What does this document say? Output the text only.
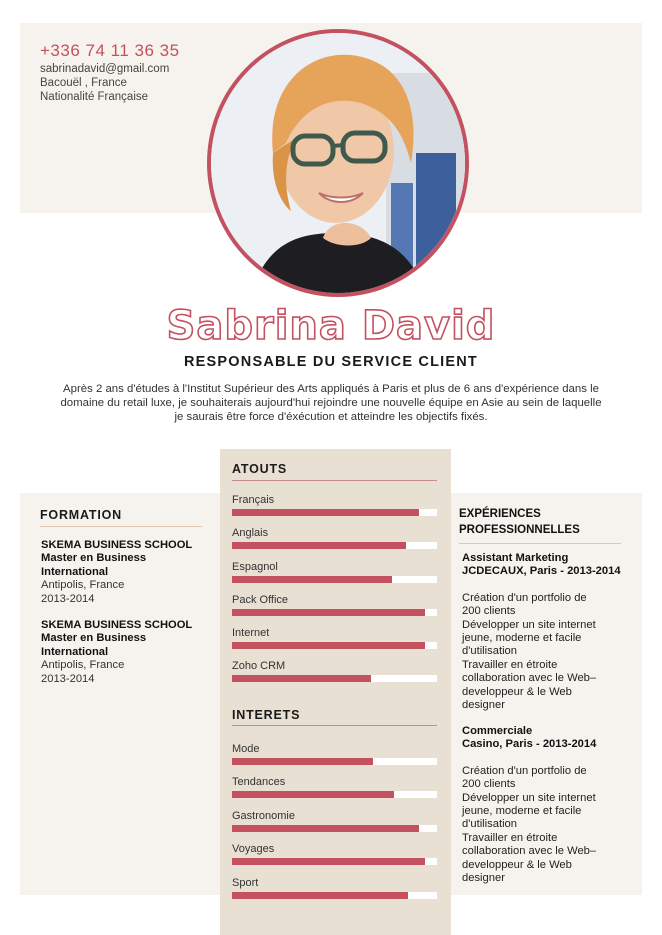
+336 74 11 36 35
sabrinadavid@gmail.com
Bacouël , France
Nationalité Française
Sabrina David
RESPONSABLE DU SERVICE CLIENT
Après 2 ans d'études à l'Institut Supérieur des Arts appliqués à Paris et plus de 6 ans d'expérience dans le domaine du retail luxe, je souhaiterais aujourd'hui rejoindre une nouvelle équipe en Asie au sein de laquelle je saurais être force d'éxécution et atteindre les objectifs fixés.
FORMATION
SKEMA BUSINESS SCHOOL
Master en Business
International
Antipolis, France
2013-2014
SKEMA BUSINESS SCHOOL
Master en Business
International
Antipolis, France
2013-2014
ATOUTS
Français
Anglais
Espagnol
Pack Office
Internet
Zoho CRM
INTERETS
Mode
Tendances
Gastronomie
Voyages
Sport
EXPÉRIENCES
PROFESSIONNELLES
Assistant Marketing
JCDECAUX, Paris - 2013-2014
Création d'un portfolio de
200 clients
Développer un site internet
jeune, moderne et facile
d'utilisation
Travailler en étroite
collaboration avec le Web–
developpeur & le Web
designer
Commerciale
Casino, Paris - 2013-2014
Création d'un portfolio de
200 clients
Développer un site internet
jeune, moderne et facile
d'utilisation
Travailler en étroite
collaboration avec le Web–
developpeur & le Web
designer
